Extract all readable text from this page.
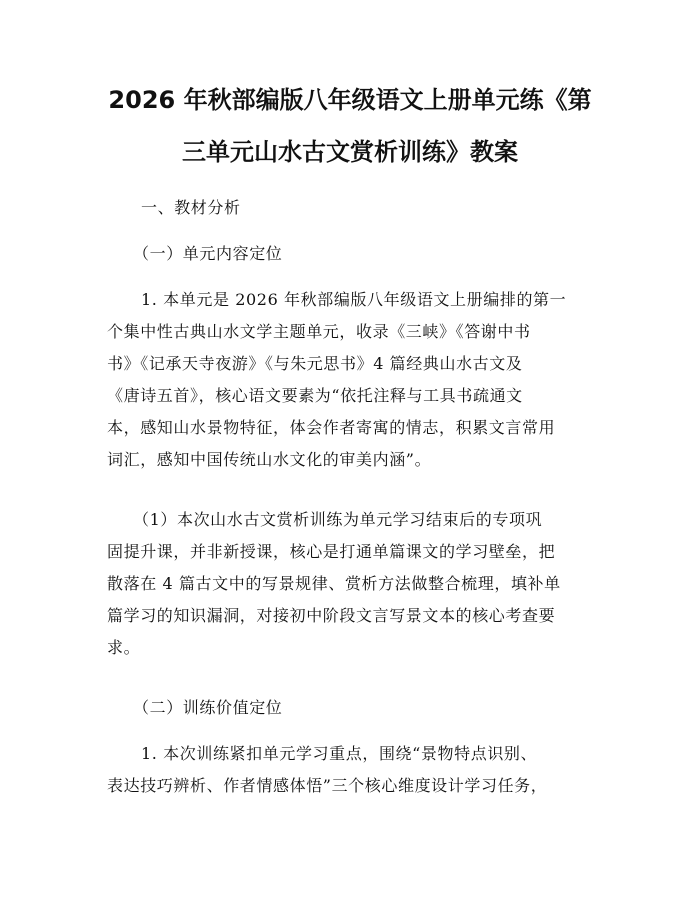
2026 年秋部编版八年级语文上册单元练《第
三单元山水古文赏析训练》教案
一、教材分析
（一）单元内容定位
1. 本单元是 2026 年秋部编版八年级语文上册编排的第一
个集中性古典山水文学主题单元，收录《三峡》《答谢中书
书》《记承天寺夜游》《与朱元思书》4 篇经典山水古文及
《唐诗五首》，核心语文要素为“依托注释与工具书疏通文
本，感知山水景物特征，体会作者寄寓的情志，积累文言常用
词汇，感知中国传统山水文化的审美内涵”。
（1）本次山水古文赏析训练为单元学习结束后的专项巩
固提升课，并非新授课，核心是打通单篇课文的学习壁垒，把
散落在 4 篇古文中的写景规律、赏析方法做整合梳理，填补单
篇学习的知识漏洞，对接初中阶段文言写景文本的核心考查要
求。
（二）训练价值定位
1. 本次训练紧扣单元学习重点，围绕“景物特点识别、
表达技巧辨析、作者情感体悟”三个核心维度设计学习任务，
